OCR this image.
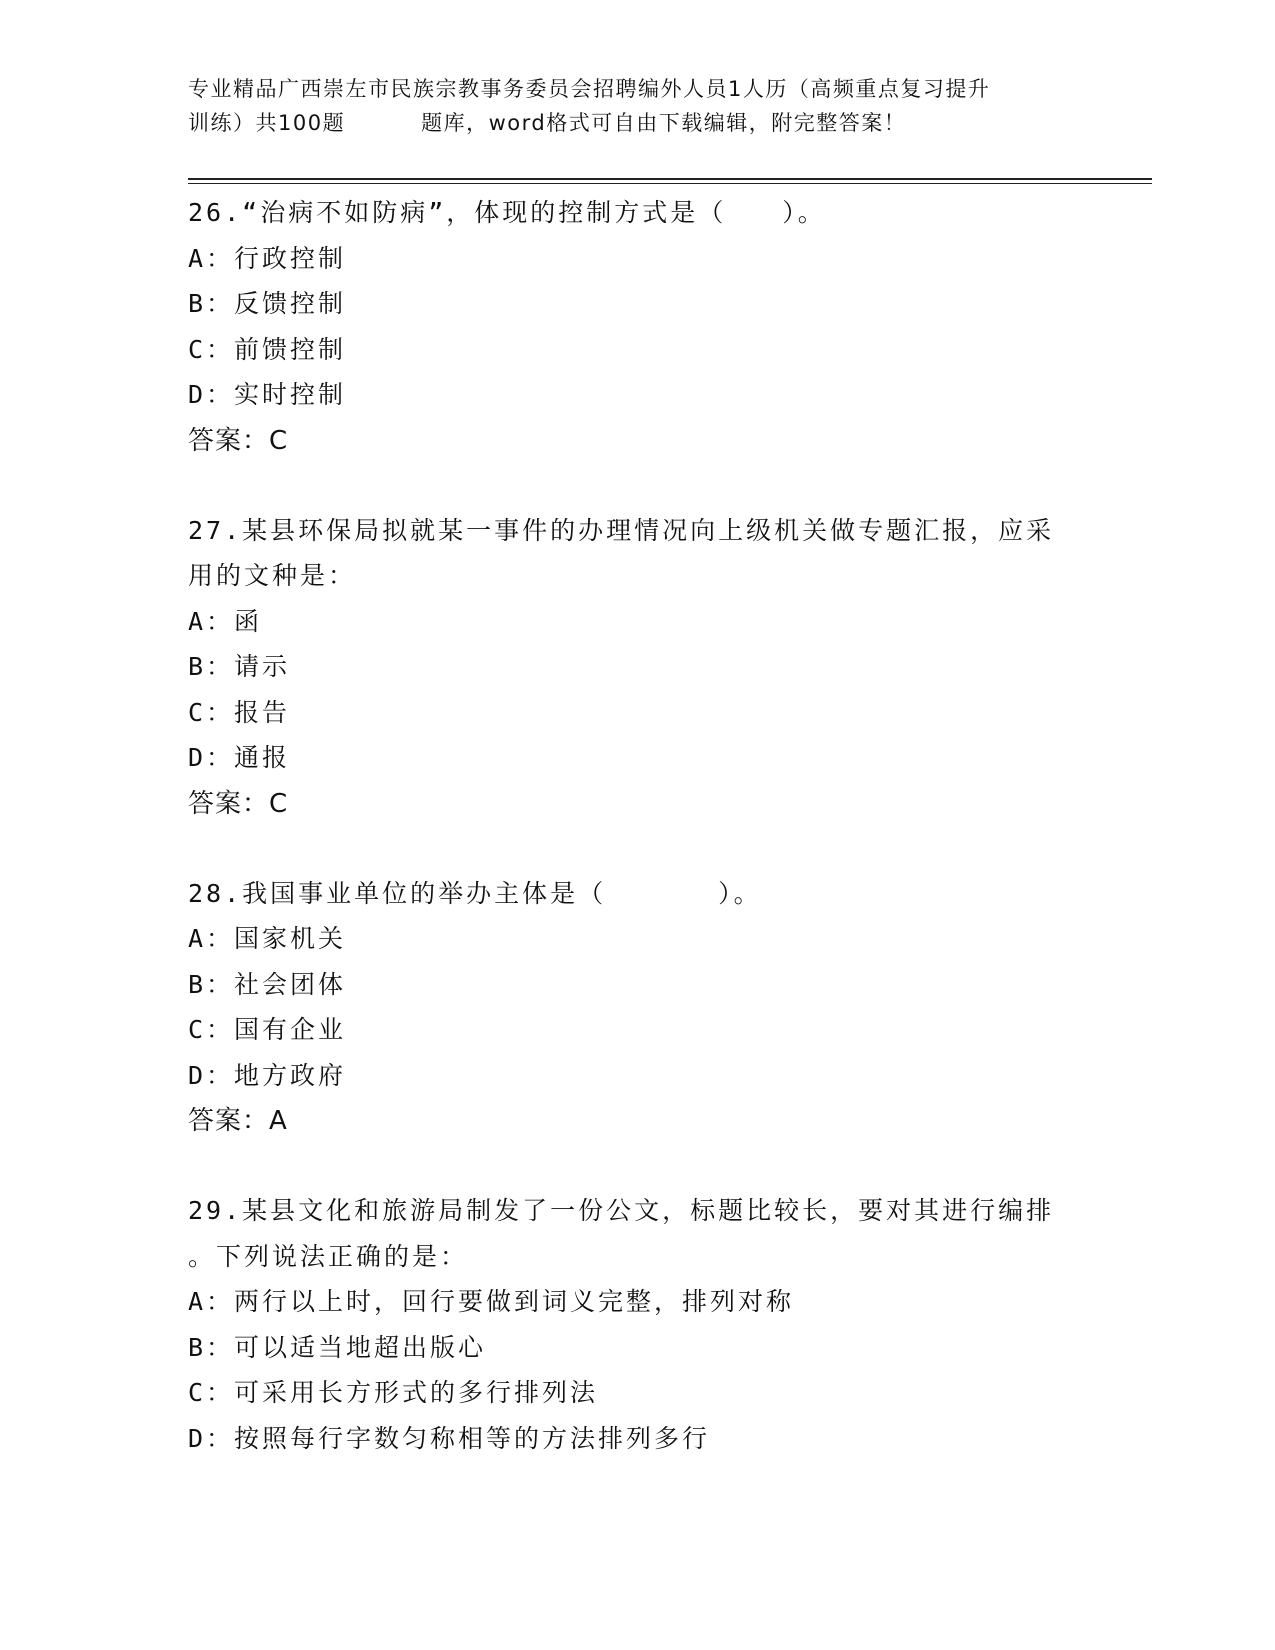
专业精品广西崇左市民族宗教事务委员会招聘编外人员1人历（高频重点复习提升
训练）共100题	题库，word格式可自由下载编辑，附完整答案！
26.“治病不如防病”，体现的控制方式是（　　）。
A：行政控制
B：反馈控制
C：前馈控制
D：实时控制
答案：C
27.某县环保局拟就某一事件的办理情况向上级机关做专题汇报，应采
用的文种是：
A：函
B：请示
C：报告
D：通报
答案：C
28.我国事业单位的举办主体是（　　　　）。
A：国家机关
B：社会团体
C：国有企业
D：地方政府
答案：A
29.某县文化和旅游局制发了一份公文，标题比较长，要对其进行编排
。下列说法正确的是：
A：两行以上时，回行要做到词义完整，排列对称
B：可以适当地超出版心
C：可采用长方形式的多行排列法
D：按照每行字数匀称相等的方法排列多行
